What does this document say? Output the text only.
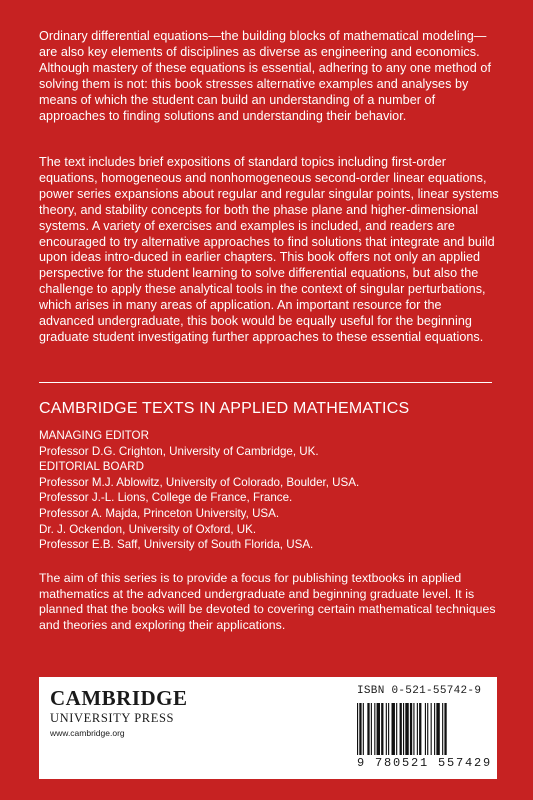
Ordinary differential equations—the building blocks of mathematical modeling—are also key elements of disciplines as diverse as engineering and economics. Although mastery of these equations is essential, adhering to any one method of solving them is not: this book stresses alternative examples and analyses by means of which the student can build an understanding of a number of approaches to finding solutions and understanding their behavior.

The text includes brief expositions of standard topics including first-order equations, homogeneous and nonhomogeneous second-order linear equations, power series expansions about regular and regular singular points, linear systems theory, and stability concepts for both the phase plane and higher-dimensional systems. A variety of exercises and examples is included, and readers are encouraged to try alternative approaches to find solutions that integrate and build upon ideas intro-duced in earlier chapters. This book offers not only an applied perspective for the student learning to solve differential equations, but also the challenge to apply these analytical tools in the context of singular perturbations, which arises in many areas of application. An important resource for the advanced undergraduate, this book would be equally useful for the beginning graduate student investigating further approaches to these essential equations.

CAMBRIDGE TEXTS IN APPLIED MATHEMATICS
MANAGING EDITOR
Professor D.G. Crighton, University of Cambridge, UK.
EDITORIAL BOARD
Professor M.J. Ablowitz, University of Colorado, Boulder, USA.
Professor J.-L. Lions, College de France, France.
Professor A. Majda, Princeton University, USA.
Dr. J. Ockendon, University of Oxford, UK.
Professor E.B. Saff, University of South Florida, USA.

The aim of this series is to provide a focus for publishing textbooks in applied mathematics at the advanced undergraduate and beginning graduate level. It is planned that the books will be devoted to covering certain mathematical techniques and theories and exploring their applications.

CAMBRIDGE
UNIVERSITY PRESS
www.cambridge.org
ISBN 0-521-55742-9
9 780521 557429
